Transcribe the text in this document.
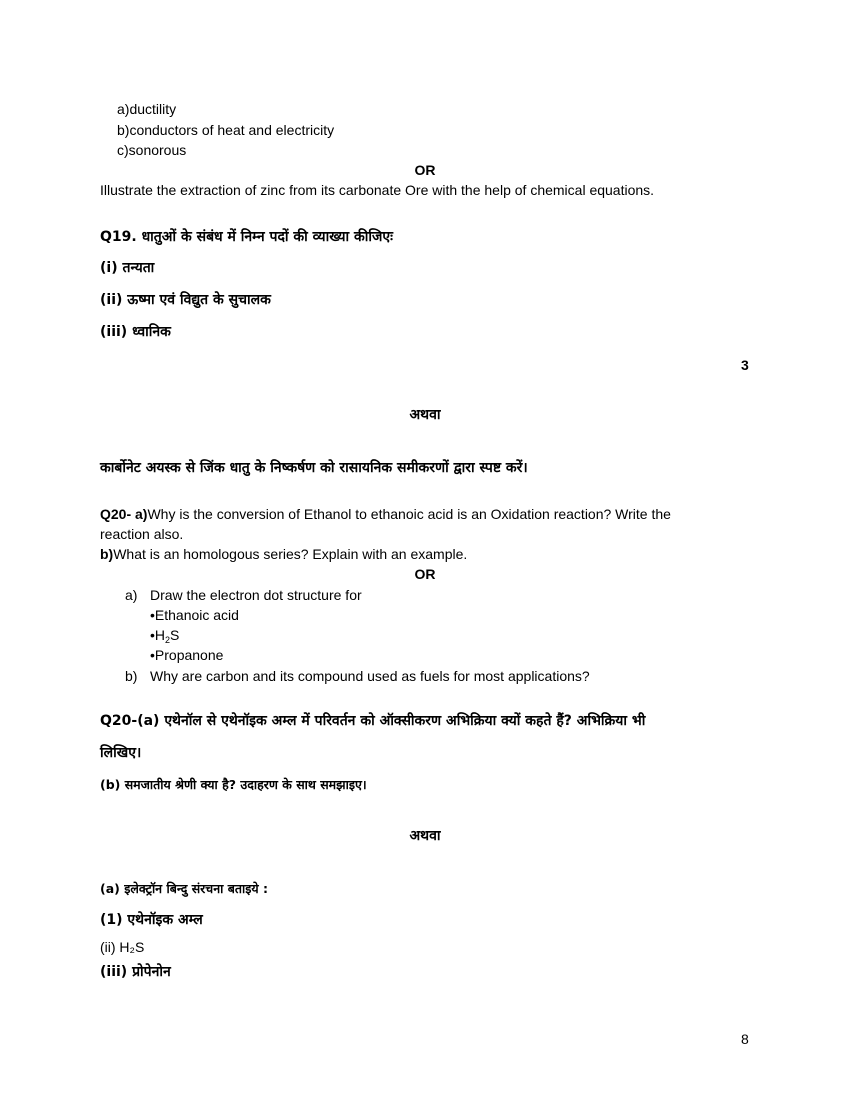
a)ductility
b)conductors of heat and electricity
c)sonorous
OR
Illustrate the extraction of zinc from its carbonate Ore with the help of chemical equations.
Q19. धातुओं के संबंध में निम्न पदों की व्याख्या कीजिएः
(i) तन्यता
(ii) ऊष्मा एवं विद्युत के सुचालक
(iii) ध्वानिक
3
अथवा
कार्बोनेट अयस्क से जिंक धातु के निष्कर्षण को रासायनिक समीकरणों द्वारा स्पष्ट करें।
Q20- a)Why is the conversion of Ethanol to ethanoic acid is an Oxidation reaction? Write the
reaction also.
b)What is an homologous series? Explain with an example.
OR
a) Draw the electron dot structure for
•Ethanoic acid
$•H_2S$
•Propanone
b) Why are carbon and its compound used as fuels for most applications?
Q20-(a) एथेनॉल से एथेनॉइक अम्ल में परिवर्तन को ऑक्सीकरण अभिक्रिया क्यों कहते हैं? अभिक्रिया भी
लिखिए।
(b) समजातीय श्रेणी क्या है? उदाहरण के साथ समझाइए।
अथवा
(a) इलेक्ट्रॉन बिन्दु संरचना बताइये :
(1) एथेनॉइक अम्ल
(ii) H₂S
(iii) प्रोपेनोन
8
